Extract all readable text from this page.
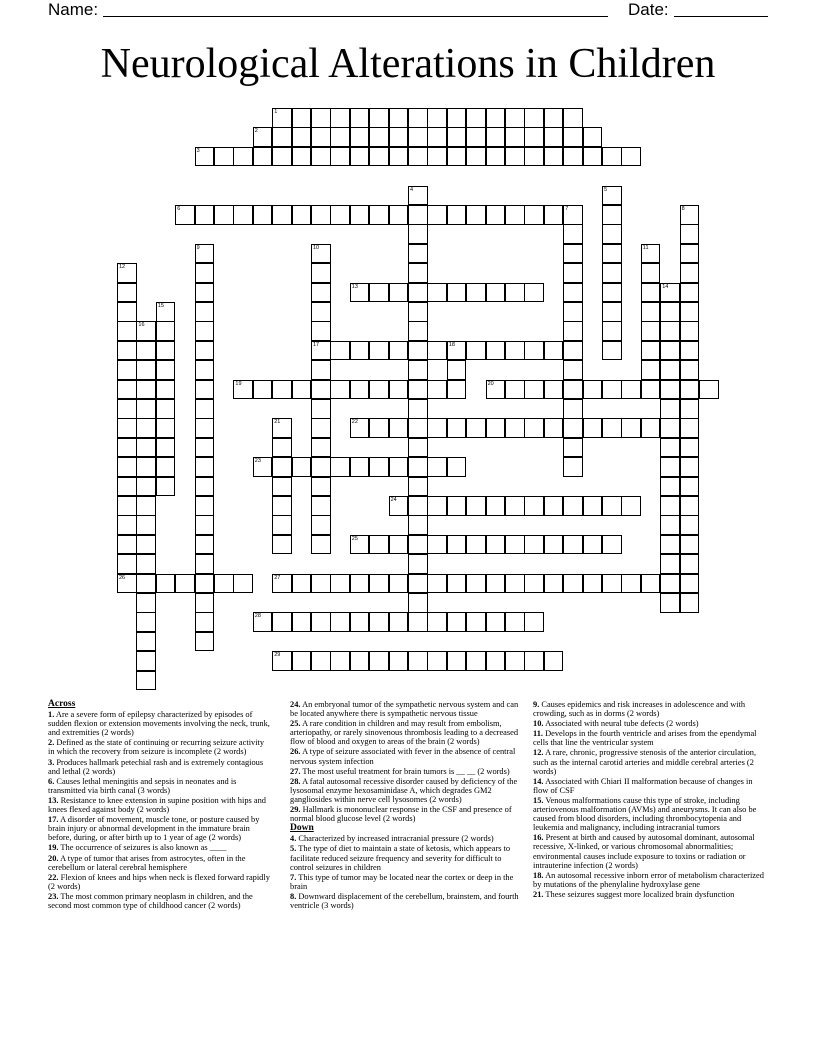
Name:	Date:
Neurological Alterations in Children
1
2
3
6
13
17	18
19	20
22
23
24
25
26	27
28
29
4	5
7	8
9	10	11
12
14
15
16
21
Across
1. Are a severe form of epilepsy characterized by episodes of sudden flexion or extension movements involving the neck, trunk, and extremities (2 words)
2. Defined as the state of continuing or recurring seizure activity in which the recovery from seizure is incomplete (2 words)
3. Produces hallmark petechial rash and is extremely contagious and lethal (2 words)
6. Causes lethal meningitis and sepsis in neonates and is transmitted via birth canal (3 words)
13. Resistance to knee extension in supine position with hips and knees flexed against body (2 words)
17. A disorder of movement, muscle tone, or posture caused by brain injury or abnormal development in the immature brain before, during, or after birth up to 1 year of age (2 words)
19. The occurrence of seizures is also known as ____
20. A type of tumor that arises from astrocytes, often in the cerebellum or lateral cerebral hemisphere
22. Flexion of knees and hips when neck is flexed forward rapidly (2 words)
23. The most common primary neoplasm in children, and the second most common type of childhood cancer (2 words)
24. An embryonal tumor of the sympathetic nervous system and can be located anywhere there is sympathetic nervous tissue
25. A rare condition in children and may result from embolism, arteriopathy, or rarely sinovenous thrombosis leading to a decreased flow of blood and oxygen to areas of the brain (2 words)
26. A type of seizure associated with fever in the absence of central nervous system infection
27. The most useful treatment for brain tumors is __ __ (2 words)
28. A fatal autosomal recessive disorder caused by deficiency of the lysosomal enzyme hexosaminidase A, which degrades GM2 gangliosides within nerve cell lysosomes (2 words)
29. Hallmark is mononuclear response in the CSF and presence of normal blood glucose level (2 words)
Down
4. Characterized by increased intracranial pressure (2 words)
5. The type of diet to maintain a state of ketosis, which appears to facilitate reduced seizure frequency and severity for difficult to control seizures in children
7. This type of tumor may be located near the cortex or deep in the brain
8. Downward displacement of the cerebellum, brainstem, and fourth ventricle (3 words)
9. Causes epidemics and risk increases in adolescence and with crowding, such as in dorms (2 words)
10. Associated with neural tube defects (2 words)
11. Develops in the fourth ventricle and arises from the ependymal cells that line the ventricular system
12. A rare, chronic, progressive stenosis of the anterior circulation, such as the internal carotid arteries and middle cerebral arteries (2 words)
14. Associated with Chiari II malformation because of changes in flow of CSF
15. Venous malformations cause this type of stroke, including arteriovenous malformation (AVMs) and aneurysms. It can also be caused from blood disorders, including thrombocytopenia and leukemia and malignancy, including intracranial tumors
16. Present at birth and caused by autosomal dominant, autosomal recessive, X-linked, or various chromosomal abnormalities; environmental causes include exposure to toxins or radiation or intrauterine infection (2 words)
18. An autosomal recessive inborn error of metabolism characterized by mutations of the phenylaline hydroxylase gene
21. These seizures suggest more localized brain dysfunction
